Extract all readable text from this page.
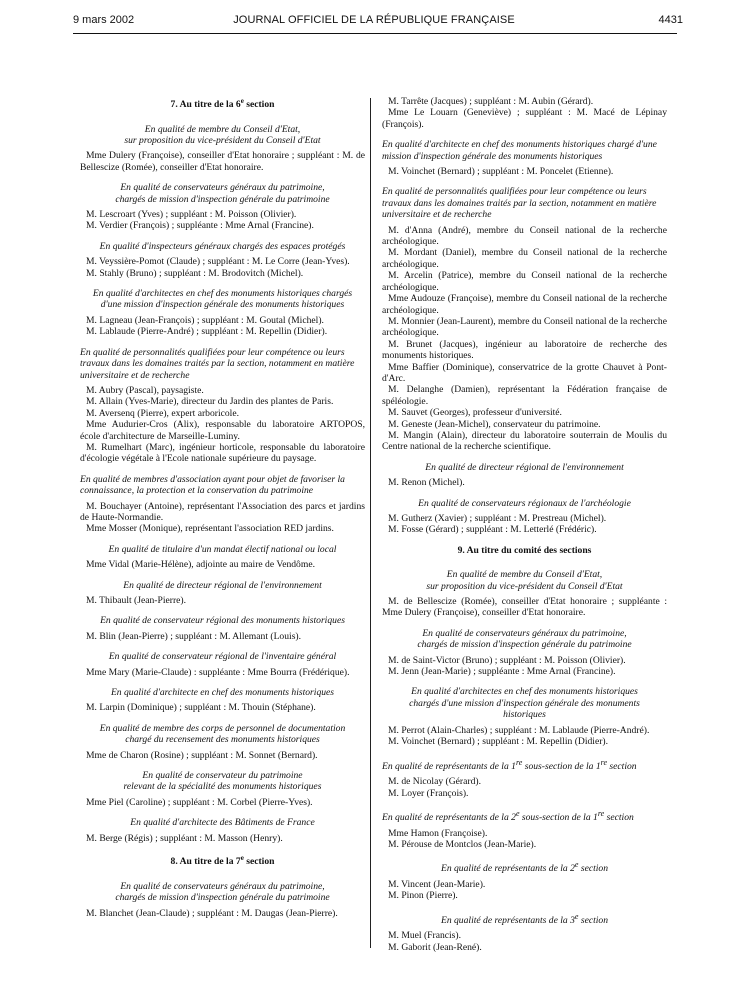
9 mars 2002	JOURNAL OFFICIEL DE LA RÉPUBLIQUE FRANÇAISE	4431

7. Au titre de la 6e section

En qualité de membre du Conseil d'Etat,
sur proposition du vice-président du Conseil d'Etat

Mme Dulery (Françoise), conseiller d'Etat honoraire ; suppléant : M. de Bellescize (Romée), conseiller d'Etat honoraire.

En qualité de conservateurs généraux du patrimoine,
chargés de mission d'inspection générale du patrimoine

M. Lescroart (Yves) ; suppléant : M. Poisson (Olivier).

M. Verdier (François) ; suppléante : Mme Arnal (Francine).

En qualité d'inspecteurs généraux chargés des espaces protégés

M. Veyssière-Pomot (Claude) ; suppléant : M. Le Corre (Jean-Yves).

M. Stahly (Bruno) ; suppléant : M. Brodovitch (Michel).

En qualité d'architectes en chef des monuments historiques chargés
d'une mission d'inspection générale des monuments historiques

M. Lagneau (Jean-François) ; suppléant : M. Goutal (Michel).

M. Lablaude (Pierre-André) ; suppléant : M. Repellin (Didier).

En qualité de personnalités qualifiées pour leur compétence ou leurs travaux dans les domaines traités par la section, notamment en matière universitaire et de recherche

M. Aubry (Pascal), paysagiste.

M. Allain (Yves-Marie), directeur du Jardin des plantes de Paris.

M. Aversenq (Pierre), expert arboricole.

Mme Audurier-Cros (Alix), responsable du laboratoire ARTOPOS, école d'architecture de Marseille-Luminy.

M. Rumelhart (Marc), ingénieur horticole, responsable du laboratoire d'écologie végétale à l'Ecole nationale supérieure du paysage.

En qualité de membres d'association ayant pour objet de favoriser la connaissance, la protection et la conservation du patrimoine

M. Bouchayer (Antoine), représentant l'Association des parcs et jardins de Haute-Normandie.

Mme Mosser (Monique), représentant l'association RED jardins.

En qualité de titulaire d'un mandat électif national ou local

Mme Vidal (Marie-Hélène), adjointe au maire de Vendôme.

En qualité de directeur régional de l'environnement

M. Thibault (Jean-Pierre).

En qualité de conservateur régional des monuments historiques

M. Blin (Jean-Pierre) ; suppléant : M. Allemant (Louis).

En qualité de conservateur régional de l'inventaire général

Mme Mary (Marie-Claude) : suppléante : Mme Bourra (Frédérique).

En qualité d'architecte en chef des monuments historiques

M. Larpin (Dominique) ; suppléant : M. Thouin (Stéphane).

En qualité de membre des corps de personnel de documentation
chargé du recensement des monuments historiques

Mme de Charon (Rosine) ; suppléant : M. Sonnet (Bernard).

En qualité de conservateur du patrimoine
relevant de la spécialité des monuments historiques

Mme Piel (Caroline) ; suppléant : M. Corbel (Pierre-Yves).

En qualité d'architecte des Bâtiments de France

M. Berge (Régis) ; suppléant : M. Masson (Henry).

8. Au titre de la 7e section

En qualité de conservateurs généraux du patrimoine,
chargés de mission d'inspection générale du patrimoine

M. Blanchet (Jean-Claude) ; suppléant : M. Daugas (Jean-Pierre).

M. Tarrête (Jacques) ; suppléant : M. Aubin (Gérard).

Mme Le Louarn (Geneviève) ; suppléant : M. Macé de Lépinay (François).

En qualité d'architecte en chef des monuments historiques chargé d'une mission d'inspection générale des monuments historiques

M. Voinchet (Bernard) ; suppléant : M. Poncelet (Etienne).

En qualité de personnalités qualifiées pour leur compétence ou leurs travaux dans les domaines traités par la section, notamment en matière universitaire et de recherche

M. d'Anna (André), membre du Conseil national de la recherche archéologique.

M. Mordant (Daniel), membre du Conseil national de la recherche archéologique.

M. Arcelin (Patrice), membre du Conseil national de la recherche archéologique.

Mme Audouze (Françoise), membre du Conseil national de la recherche archéologique.

M. Monnier (Jean-Laurent), membre du Conseil national de la recherche archéologique.

M. Brunet (Jacques), ingénieur au laboratoire de recherche des monuments historiques.

Mme Baffier (Dominique), conservatrice de la grotte Chauvet à Pont-d'Arc.

M. Delanghe (Damien), représentant la Fédération française de spéléologie.

M. Sauvet (Georges), professeur d'université.

M. Geneste (Jean-Michel), conservateur du patrimoine.

M. Mangin (Alain), directeur du laboratoire souterrain de Moulis du Centre national de la recherche scientifique.

En qualité de directeur régional de l'environnement

M. Renon (Michel).

En qualité de conservateurs régionaux de l'archéologie

M. Gutherz (Xavier) ; suppléant : M. Prestreau (Michel).

M. Fosse (Gérard) ; suppléant : M. Letterlé (Frédéric).

9. Au titre du comité des sections

En qualité de membre du Conseil d'Etat,
sur proposition du vice-président du Conseil d'Etat

M. de Bellescize (Romée), conseiller d'Etat honoraire ; suppléante : Mme Dulery (Françoise), conseiller d'Etat honoraire.

En qualité de conservateurs généraux du patrimoine,
chargés de mission d'inspection générale du patrimoine

M. de Saint-Victor (Bruno) ; suppléant : M. Poisson (Olivier).

M. Jenn (Jean-Marie) ; suppléante : Mme Arnal (Francine).

En qualité d'architectes en chef des monuments historiques
chargés d'une mission d'inspection générale des monuments
historiques

M. Perrot (Alain-Charles) ; suppléant : M. Lablaude (Pierre-André).

M. Voinchet (Bernard) ; suppléant : M. Repellin (Didier).

En qualité de représentants de la 1re sous-section de la 1re section

M. de Nicolay (Gérard).

M. Loyer (François).

En qualité de représentants de la 2e sous-section de la 1re section

Mme Hamon (Françoise).

M. Pérouse de Montclos (Jean-Marie).

En qualité de représentants de la 2e section

M. Vincent (Jean-Marie).

M. Pinon (Pierre).

En qualité de représentants de la 3e section

M. Muel (Francis).

M. Gaborit (Jean-René).
